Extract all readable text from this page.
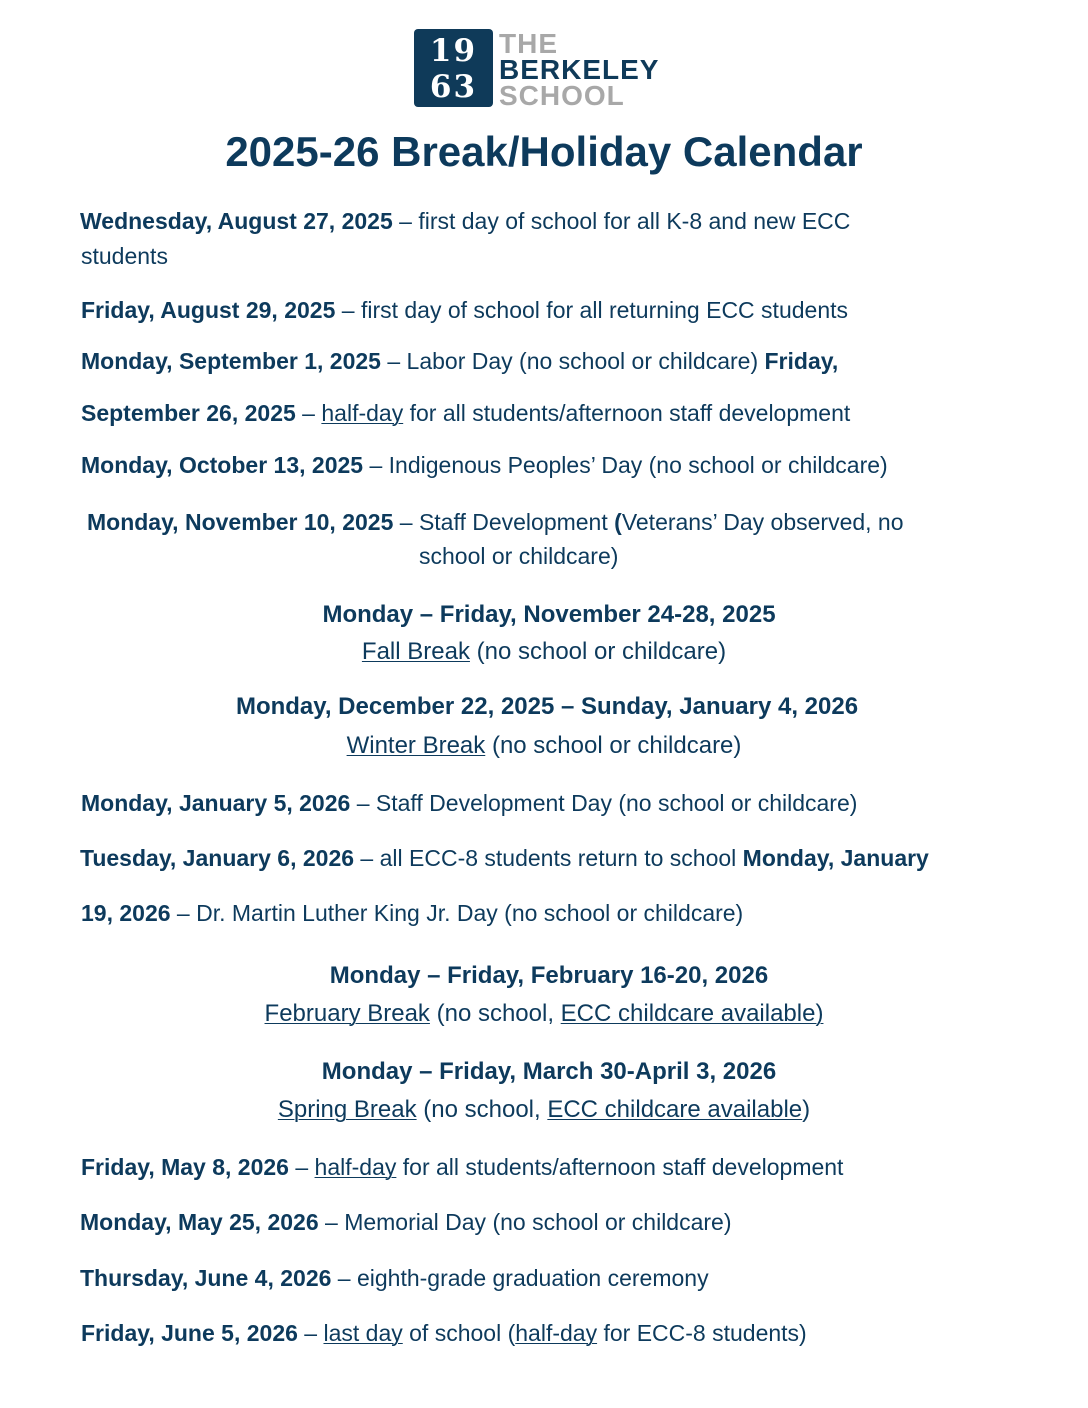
19
63
THE
BERKELEY
SCHOOL
2025-26 Break/Holiday Calendar
Wednesday, August 27, 2025 – first day of school for all K-8 and new ECC
students
Friday, August 29, 2025 – first day of school for all returning ECC students
Monday, September 1, 2025 – Labor Day (no school or childcare) Friday,
September 26, 2025 – half-day for all students/afternoon staff development
Monday, October 13, 2025 – Indigenous Peoples’ Day (no school or childcare)
Monday, November 10, 2025 – Staff Development (Veterans’ Day observed, no
school or childcare)
Monday – Friday, November 24-28, 2025
Fall Break (no school or childcare)
Monday, December 22, 2025 – Sunday, January 4, 2026
Winter Break (no school or childcare)
Monday, January 5, 2026 – Staff Development Day (no school or childcare)
Tuesday, January 6, 2026 – all ECC-8 students return to school Monday, January
19, 2026 – Dr. Martin Luther King Jr. Day (no school or childcare)
Monday – Friday, February 16-20, 2026
February Break (no school, ECC childcare available)
Monday – Friday, March 30-April 3, 2026
Spring Break (no school, ECC childcare available)
Friday, May 8, 2026 – half-day for all students/afternoon staff development
Monday, May 25, 2026 – Memorial Day (no school or childcare)
Thursday, June 4, 2026 – eighth-grade graduation ceremony
Friday, June 5, 2026 – last day of school (half-day for ECC-8 students)
